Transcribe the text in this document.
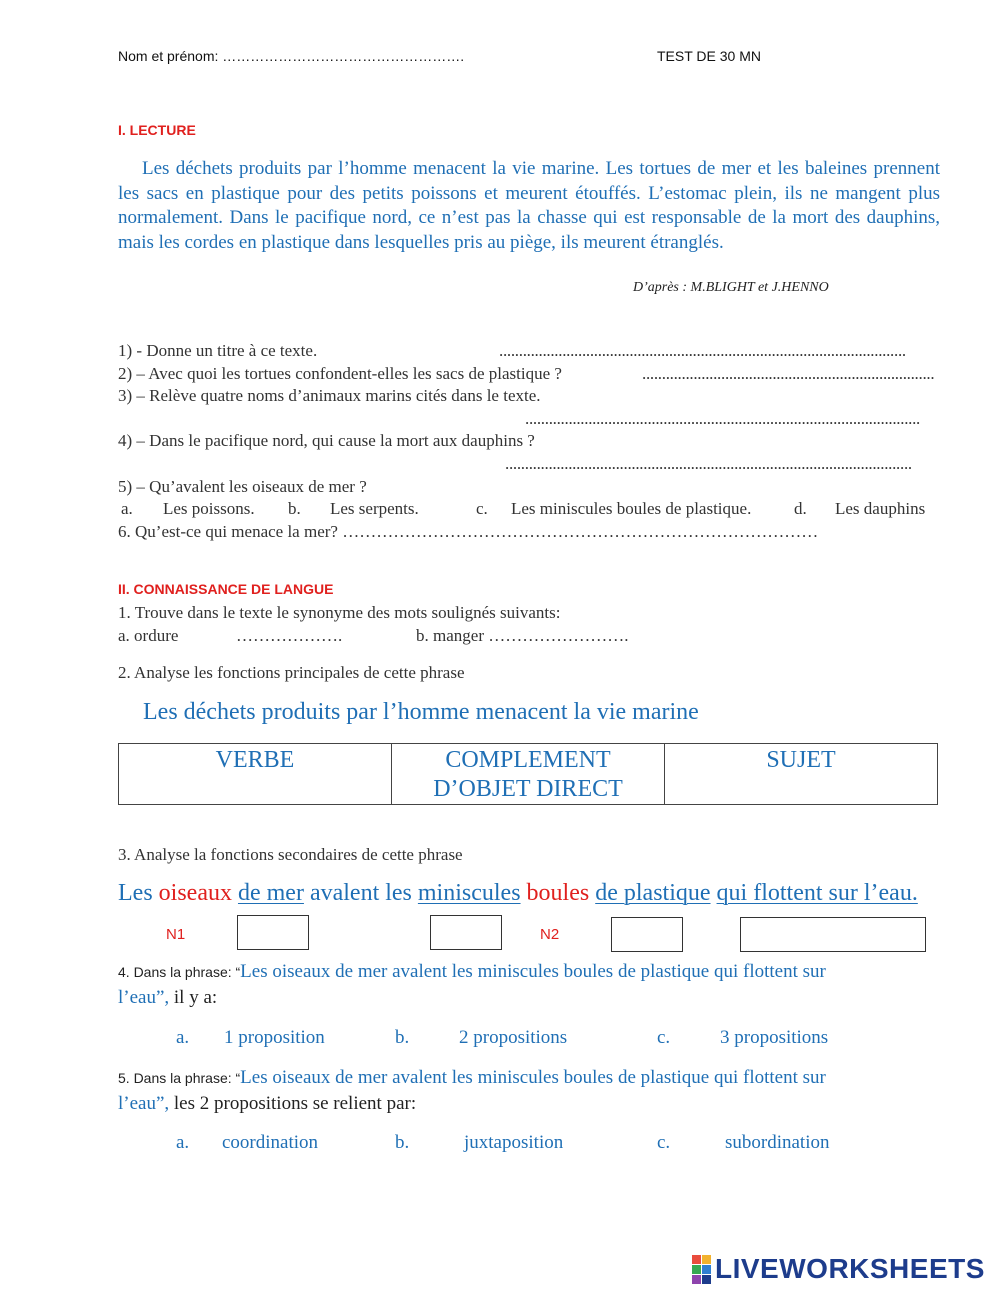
Nom et prénom: …………………………………………….	TEST DE 30 MN
I. LECTURE
Les déchets produits par l’homme menacent la vie marine. Les tortues de mer et les baleines prennent les sacs en plastique pour des petits poissons et meurent étouffés. L’estomac plein, ils ne mangent plus normalement. Dans le pacifique nord, ce n’est pas la chasse qui est responsable de la mort des dauphins, mais les cordes en plastique dans lesquelles pris au piège, ils meurent étranglés.
D’après : M.BLIGHT et J.HENNO
1) - Donne un titre à ce texte.	.......................................................................................................
2) – Avec quoi les tortues confondent-elles les sacs de plastique ?	..........................................................................
3) – Relève quatre noms d’animaux marins cités dans le texte.
....................................................................................................
4) – Dans le pacifique nord, qui cause la mort aux dauphins ?
.......................................................................................................
5) – Qu’avalent les oiseaux de mer ?
a. Les poissons. b. Les serpents.	c. Les miniscules boules de plastique.	d. Les dauphins
6. Qu’est-ce qui menace la mer? …………………………………………………………………………
II. CONNAISSANCE DE LANGUE
1. Trouve dans le texte le synonyme des mots soulignés suivants:
a. ordure	……………….	b. manger …………………….
2. Analyse les fonctions principales de cette phrase
Les déchets produits par l’homme menacent la vie marine
VERBE	COMPLEMENT D’OBJET DIRECT	SUJET
3. Analyse la fonctions secondaires de cette phrase
Les oiseaux de mer avalent les miniscules boules de plastique qui flottent sur l’eau.
N1	N2
4. Dans la phrase: “Les oiseaux de mer avalent les miniscules boules de plastique qui flottent sur
l’eau”, il y a:
a. 1 proposition	b.	2 propositions	c.	3 propositions
5. Dans la phrase: “Les oiseaux de mer avalent les miniscules boules de plastique qui flottent sur
l’eau”, les 2 propositions se relient par:
a. coordination	b.	juxtaposition	c.	subordination
LIVEWORKSHEETS
